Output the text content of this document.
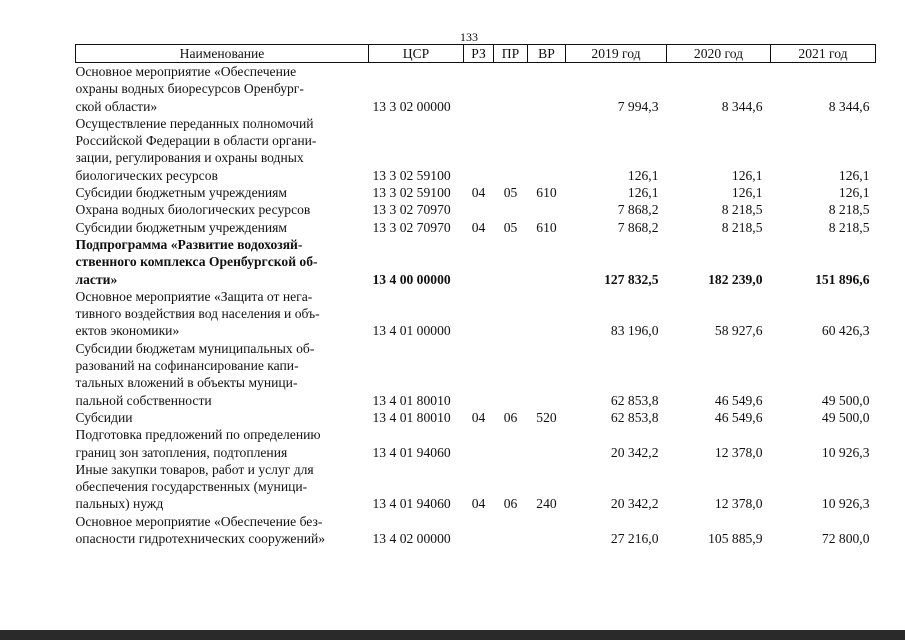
133
Наименование	ЦСР	РЗ	ПР	ВР	2019 год	2020 год	2021 год
Основное мероприятие «Обеспечение
охраны водных биоресурсов Оренбург-
ской области»	13 3 02 00000				7 994,3	8 344,6	8 344,6
Осуществление переданных полномочий
Российской Федерации в области органи-
зации, регулирования и охраны водных
биологических ресурсов	13 3 02 59100				126,1	126,1	126,1
Субсидии бюджетным учреждениям	13 3 02 59100	04	05	610	126,1	126,1	126,1
Охрана водных биологических ресурсов	13 3 02 70970				7 868,2	8 218,5	8 218,5
Субсидии бюджетным учреждениям	13 3 02 70970	04	05	610	7 868,2	8 218,5	8 218,5
Подпрограмма «Развитие водохозяй-
ственного комплекса Оренбургской об-
ласти»	13 4 00 00000				127 832,5	182 239,0	151 896,6
Основное мероприятие «Защита от нега-
тивного воздействия вод населения и объ-
ектов экономики»	13 4 01 00000				83 196,0	58 927,6	60 426,3
Субсидии бюджетам муниципальных об-
разований на софинансирование капи-
тальных вложений в объекты муници-
пальной собственности	13 4 01 80010				62 853,8	46 549,6	49 500,0
Субсидии	13 4 01 80010	04	06	520	62 853,8	46 549,6	49 500,0
Подготовка предложений по определению
границ зон затопления, подтопления	13 4 01 94060				20 342,2	12 378,0	10 926,3
Иные закупки товаров, работ и услуг для
обеспечения государственных (муници-
пальных) нужд	13 4 01 94060	04	06	240	20 342,2	12 378,0	10 926,3
Основное мероприятие «Обеспечение без-
опасности гидротехнических сооружений»	13 4 02 00000				27 216,0	105 885,9	72 800,0
